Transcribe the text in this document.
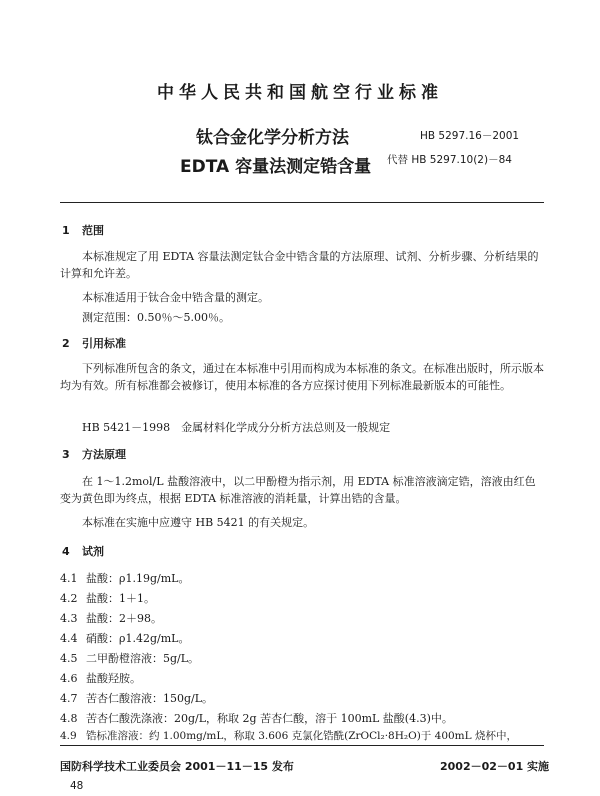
中华人民共和国航空行业标准
钛合金化学分析方法
EDTA 容量法测定锆含量
HB 5297.16－2001
代替 HB 5297.10(2)－84
1 范围
本标准规定了用 EDTA 容量法测定钛合金中锆含量的方法原理、试剂、分析步骤、分析结果的计算和允许差。
本标准适用于钛合金中锆含量的测定。
测定范围：0.50％～5.00％。
2 引用标准
下列标准所包含的条文，通过在本标准中引用而构成为本标准的条文。在标准出版时，所示版本均为有效。所有标准都会被修订，使用本标准的各方应探讨使用下列标准最新版本的可能性。
HB 5421－1998　金属材料化学成分分析方法总则及一般规定
3 方法原理
在 1～1.2mol/L 盐酸溶液中，以二甲酚橙为指示剂，用 EDTA 标准溶液滴定锆，溶液由红色变为黄色即为终点，根据 EDTA 标准溶液的消耗量，计算出锆的含量。
本标准在实施中应遵守 HB 5421 的有关规定。
4 试剂
4.1 盐酸：ρ1.19g/mL。
4.2 盐酸：1＋1。
4.3 盐酸：2＋98。
4.4 硝酸：ρ1.42g/mL。
4.5 二甲酚橙溶液：5g/L。
4.6 盐酸羟胺。
4.7 苦杏仁酸溶液：150g/L。
4.8 苦杏仁酸洗涤液：20g/L，称取 2g 苦杏仁酸，溶于 100mL 盐酸(4.3)中。
4.9 锆标准溶液：约 1.00mg/mL，称取 3.606 克氯化锆酰(ZrOCl₂·8H₂O)于 400mL 烧杯中，
国防科学技术工业委员会 2001－11－15 发布	2002－02－01 实施
48
